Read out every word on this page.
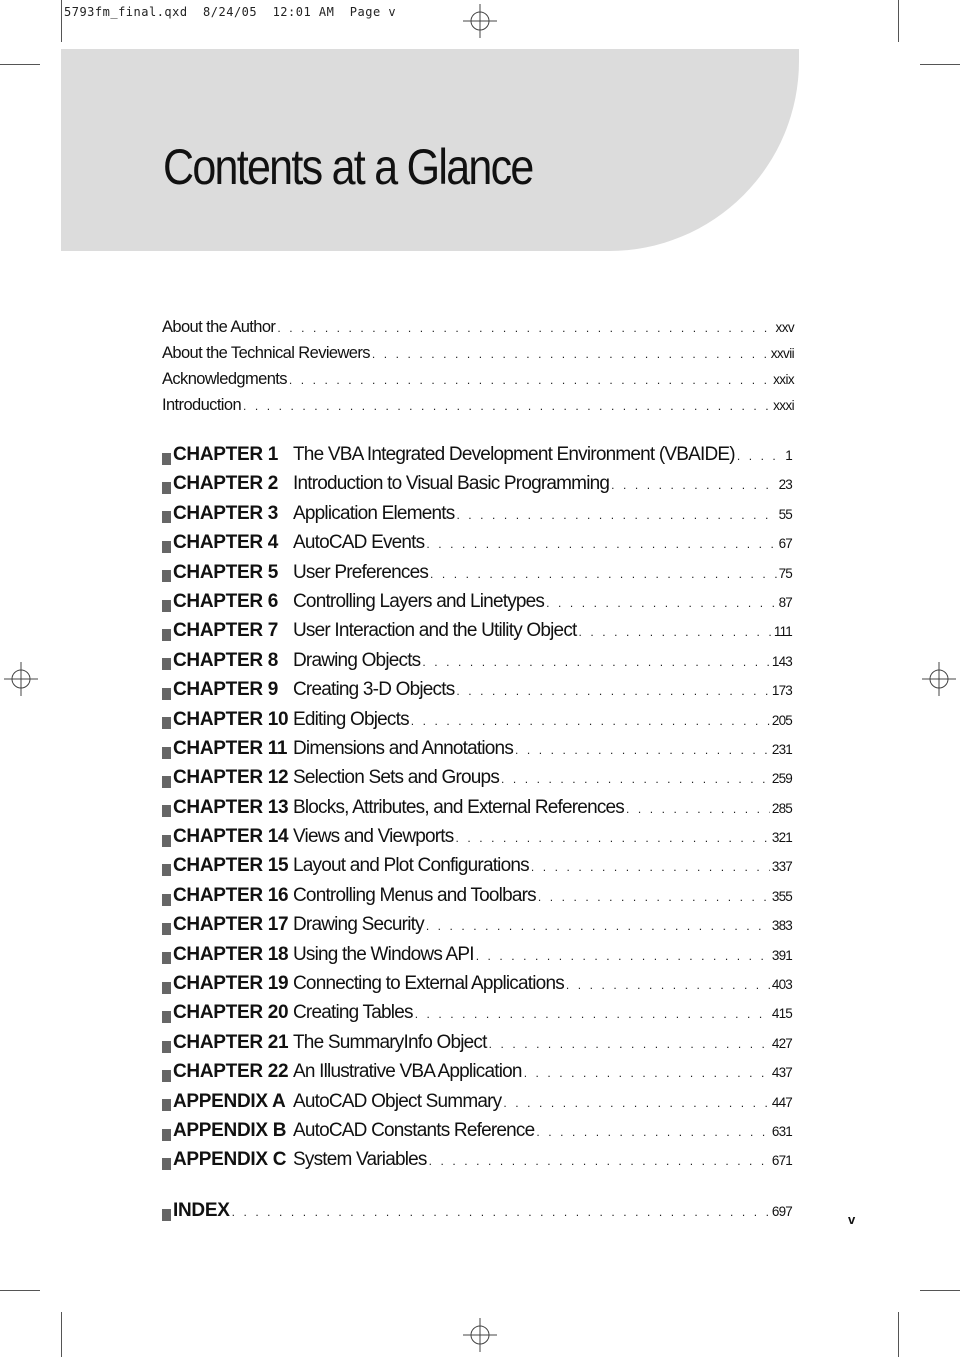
5793fm_final.qxd  8/24/05  12:01 AM  Page v
Contents at a Glance
About the Author . . .	xxv
About the Technical Reviewers . . .	xxvii
Acknowledgments . . .	xxix
Introduction . . .	xxxi
CHAPTER 1 The VBA Integrated Development Environment (VBAIDE) . . .	1
CHAPTER 2 Introduction to Visual Basic Programming . . .	23
CHAPTER 3 Application Elements . . .	55
CHAPTER 4 AutoCAD Events . . .	67
CHAPTER 5 User Preferences . . .	75
CHAPTER 6 Controlling Layers and Linetypes . . .	87
CHAPTER 7 User Interaction and the Utility Object . . .	111
CHAPTER 8 Drawing Objects . . .	143
CHAPTER 9 Creating 3-D Objects . . .	173
CHAPTER 10 Editing Objects . . .	205
CHAPTER 11 Dimensions and Annotations . . .	231
CHAPTER 12 Selection Sets and Groups . . .	259
CHAPTER 13 Blocks, Attributes, and External References . . .	285
CHAPTER 14 Views and Viewports . . .	321
CHAPTER 15 Layout and Plot Configurations . . .	337
CHAPTER 16 Controlling Menus and Toolbars . . .	355
CHAPTER 17 Drawing Security . . .	383
CHAPTER 18 Using the Windows API . . .	391
CHAPTER 19 Connecting to External Applications . . .	403
CHAPTER 20 Creating Tables . . .	415
CHAPTER 21 The SummaryInfo Object . . .	427
CHAPTER 22 An Illustrative VBA Application . . .	437
APPENDIX A AutoCAD Object Summary . . .	447
APPENDIX B AutoCAD Constants Reference . . .	631
APPENDIX C System Variables . . .	671
INDEX . . .	697
v
